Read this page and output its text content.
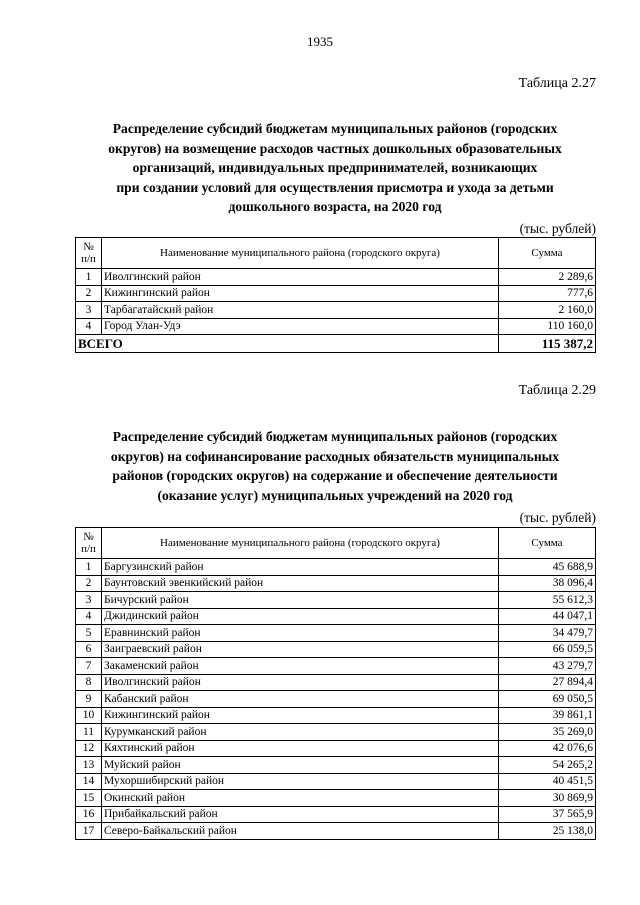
1935
Таблица 2.27
Распределение субсидий бюджетам муниципальных районов (городских
округов) на возмещение расходов частных дошкольных образовательных
организаций, индивидуальных предпринимателей, возникающих
при создании условий для осуществления присмотра и ухода за детьми
дошкольного возраста, на 2020 год
(тыс. рублей)
№
п/п	Наименование муниципального района (городского округа)	Сумма
1	Иволгинский район	2 289,6
2	Кижингинский район	777,6
3	Тарбагатайский район	2 160,0
4	Город Улан-Удэ	110 160,0
ВСЕГО		115 387,2
Таблица 2.29
Распределение субсидий бюджетам муниципальных районов (городских
округов) на софинансирование расходных обязательств муниципальных
районов (городских округов) на содержание и обеспечение деятельности
(оказание услуг) муниципальных учреждений на 2020 год
(тыс. рублей)
№
п/п	Наименование муниципального района (городского округа)	Сумма
1	Баргузинский район	45 688,9
2	Баунтовский эвенкийский район	38 096,4
3	Бичурский район	55 612,3
4	Джидинский район	44 047,1
5	Еравнинский район	34 479,7
6	Заиграевский район	66 059,5
7	Закаменский район	43 279,7
8	Иволгинский район	27 894,4
9	Кабанский район	69 050,5
10	Кижингинский район	39 861,1
11	Курумканский район	35 269,0
12	Кяхтинский район	42 076,6
13	Муйский район	54 265,2
14	Мухоршибирский район	40 451,5
15	Окинский район	30 869,9
16	Прибайкальский район	37 565,9
17	Северо-Байкальский район	25 138,0
